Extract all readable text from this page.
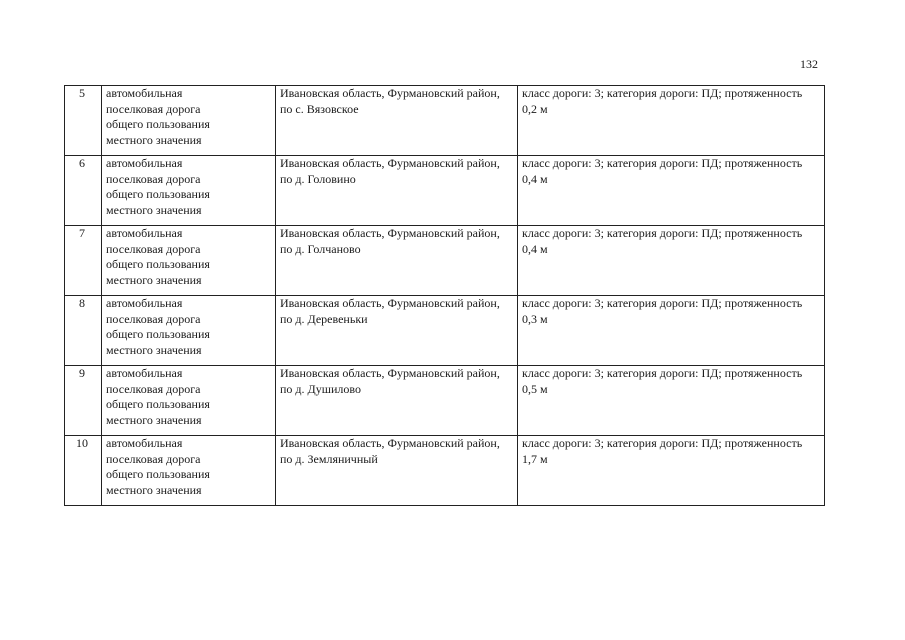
132
5	автомобильная
поселковая дорога
общего пользования
местного значения	Ивановская область, Фурмановский район, по с. Вязовское	класс дороги: 3; категория дороги: ПД; протяженность 0,2 м

6	автомобильная
поселковая дорога
общего пользования
местного значения	Ивановская область, Фурмановский район, по д. Головино	класс дороги: 3; категория дороги: ПД; протяженность 0,4 м

7	автомобильная
поселковая дорога
общего пользования
местного значения	Ивановская область, Фурмановский район, по д. Голчаново	класс дороги: 3; категория дороги: ПД; протяженность 0,4 м

8	автомобильная
поселковая дорога
общего пользования
местного значения	Ивановская область, Фурмановский район, по д. Деревеньки	класс дороги: 3; категория дороги: ПД; протяженность 0,3 м

9	автомобильная
поселковая дорога
общего пользования
местного значения	Ивановская область, Фурмановский район, по д. Душилово	класс дороги: 3; категория дороги: ПД; протяженность 0,5 м

10	автомобильная
поселковая дорога
общего пользования
местного значения	Ивановская область, Фурмановский район, по д. Земляничный	класс дороги: 3; категория дороги: ПД; протяженность 1,7 м
